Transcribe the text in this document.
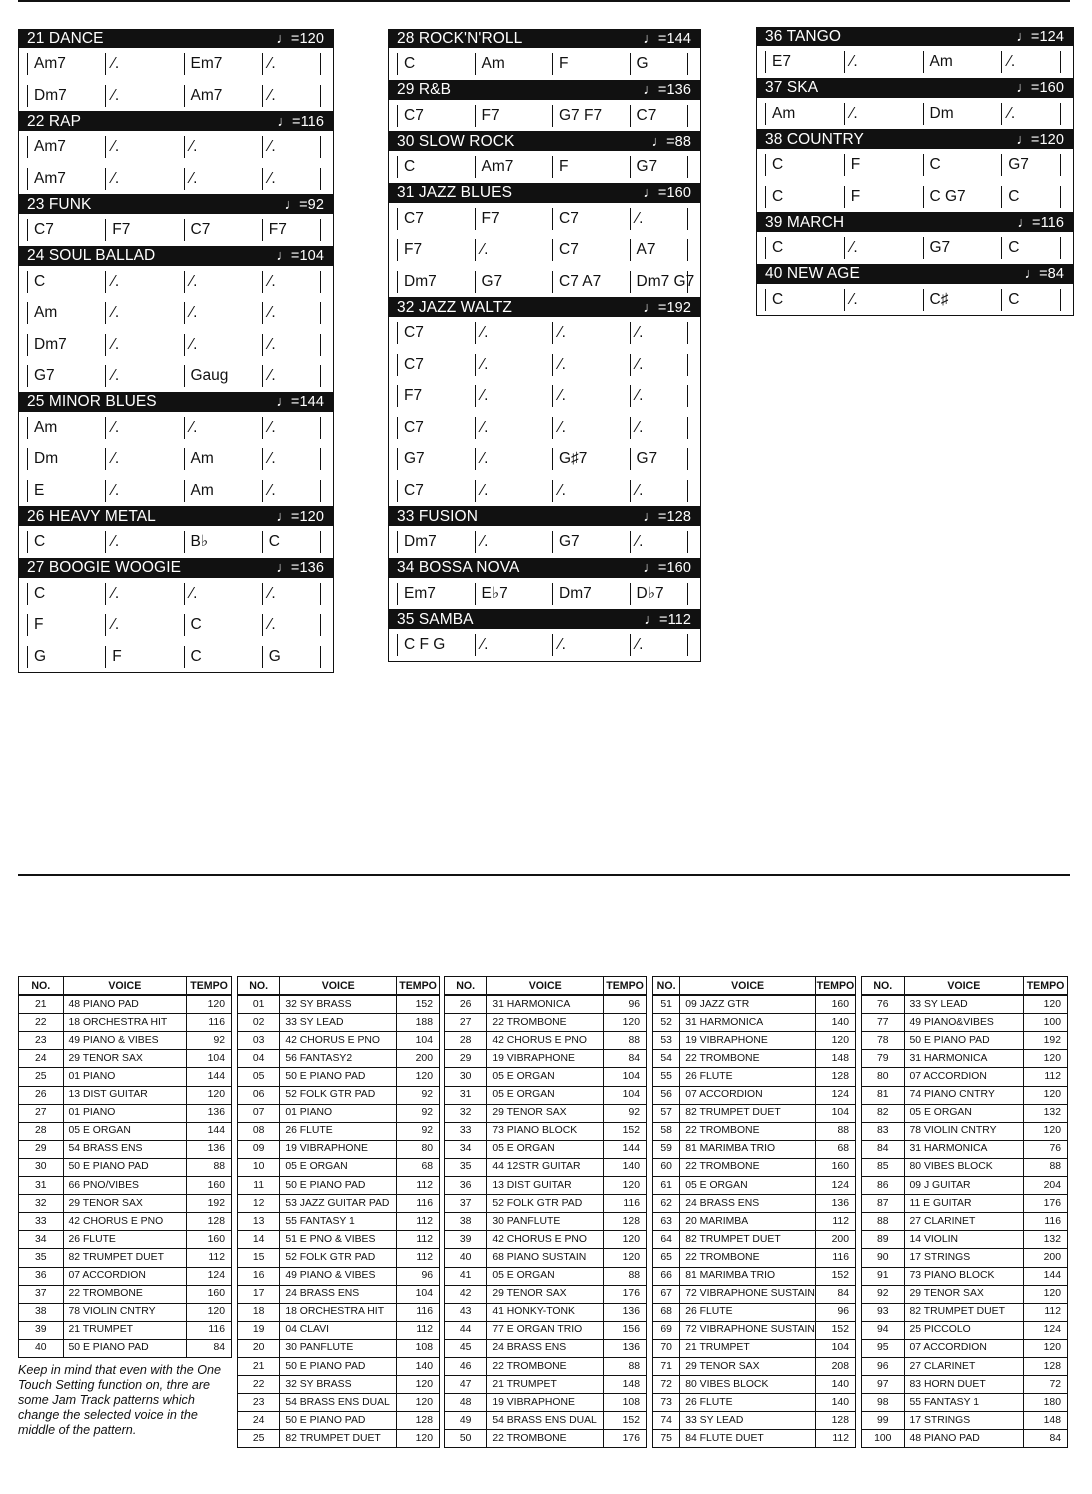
21 DANCE	♩=120
Am7	⁄.	Em7	⁄.
Dm7	⁄.	Am7	⁄.
22 RAP	♩=116
Am7	⁄.	⁄.	⁄.
Am7	⁄.	⁄.	⁄.
23 FUNK	♩=92
C7	F7	C7	F7
24 SOUL BALLAD	♩=104
C	⁄.	⁄.	⁄.
Am	⁄.	⁄.	⁄.
Dm7	⁄.	⁄.	⁄.
G7	⁄.	Gaug	⁄.
25 MINOR BLUES	♩=144
Am	⁄.	⁄.	⁄.
Dm	⁄.	Am	⁄.
E	⁄.	Am	⁄.
26 HEAVY METAL	♩=120
C	⁄.	B♭	C
27 BOOGIE WOOGIE	♩=136
C	⁄.	⁄.	⁄.
F	⁄.	C	⁄.
G	F	C	G
28 ROCK'N'ROLL	♩=144
C	Am	F	G
29 R&B	♩=136
C7	F7	G7 F7	C7
30 SLOW ROCK	♩=88
C	Am7	F	G7
31 JAZZ BLUES	♩=160
C7	F7	C7	⁄.
F7	⁄.	C7	A7
Dm7	G7	C7 A7	Dm7 G7
32 JAZZ WALTZ	♩=192
C7	⁄.	⁄.	⁄.
C7	⁄.	⁄.	⁄.
F7	⁄.	⁄.	⁄.
C7	⁄.	⁄.	⁄.
G7	⁄.	G♯7	G7
C7	⁄.	⁄.	⁄.
33 FUSION	♩=128
Dm7	⁄.	G7	⁄.
34 BOSSA NOVA	♩=160
Em7	E♭7	Dm7	D♭7
35 SAMBA	♩=112
C F G	⁄.	⁄.	⁄.
36 TANGO	♩=124
E7	⁄.	Am	⁄.
37 SKA	♩=160
Am	⁄.	Dm	⁄.
38 COUNTRY	♩=120
C	F	C	G7
C	F	C G7	C
39 MARCH	♩=116
C	⁄.	G7	C
40 NEW AGE	♩=84
C	⁄.	C♯	C
NO.	VOICE	TEMPO
21	48 PIANO PAD	120
22	18 ORCHESTRA HIT	116
23	49 PIANO & VIBES	92
24	29 TENOR SAX	104
25	01 PIANO	144
26	13 DIST GUITAR	120
27	01 PIANO	136
28	05 E ORGAN	144
29	54 BRASS ENS	136
30	50 E PIANO PAD	88
31	66 PNO/VIBES	160
32	29 TENOR SAX	192
33	42 CHORUS E PNO	128
34	26 FLUTE	160
35	82 TRUMPET DUET	112
36	07 ACCORDION	124
37	22 TROMBONE	160
38	78 VIOLIN CNTRY	120
39	21 TRUMPET	116
40	50 E PIANO PAD	84
NO.	VOICE	TEMPO
01	32 SY BRASS	152
02	33 SY LEAD	188
03	42 CHORUS E PNO	104
04	56 FANTASY2	200
05	50 E PIANO PAD	120
06	52 FOLK GTR PAD	92
07	01 PIANO	92
08	26 FLUTE	92
09	19 VIBRAPHONE	80
10	05 E ORGAN	68
11	50 E PIANO PAD	112
12	53 JAZZ GUITAR PAD	116
13	55 FANTASY 1	112
14	51 E PNO & VIBES	112
15	52 FOLK GTR PAD	112
16	49 PIANO & VIBES	96
17	24 BRASS ENS	104
18	18 ORCHESTRA HIT	116
19	04 CLAVI	112
20	30 PANFLUTE	108
21	50 E PIANO PAD	140
22	32 SY BRASS	120
23	54 BRASS ENS DUAL	120
24	50 E PIANO PAD	128
25	82 TRUMPET DUET	120
NO.	VOICE	TEMPO
26	31 HARMONICA	96
27	22 TROMBONE	120
28	42 CHORUS E PNO	88
29	19 VIBRAPHONE	84
30	05 E ORGAN	104
31	05 E ORGAN	104
32	29 TENOR SAX	92
33	73 PIANO BLOCK	152
34	05 E ORGAN	144
35	44 12STR GUITAR	140
36	13 DIST GUITAR	120
37	52 FOLK GTR PAD	116
38	30 PANFLUTE	128
39	42 CHORUS E PNO	120
40	68 PIANO SUSTAIN	120
41	05 E ORGAN	88
42	29 TENOR SAX	176
43	41 HONKY-TONK	136
44	77 E ORGAN TRIO	156
45	24 BRASS ENS	136
46	22 TROMBONE	88
47	21 TRUMPET	148
48	19 VIBRAPHONE	108
49	54 BRASS ENS DUAL	152
50	22 TROMBONE	176
NO.	VOICE	TEMPO
51	09 JAZZ GTR	160
52	31 HARMONICA	140
53	19 VIBRAPHONE	120
54	22 TROMBONE	148
55	26 FLUTE	128
56	07 ACCORDION	124
57	82 TRUMPET DUET	104
58	22 TROMBONE	88
59	81 MARIMBA TRIO	68
60	22 TROMBONE	160
61	05 E ORGAN	124
62	24 BRASS ENS	136
63	20 MARIMBA	112
64	82 TRUMPET DUET	200
65	22 TROMBONE	116
66	81 MARIMBA TRIO	152
67	72 VIBRAPHONE SUSTAIN	84
68	26 FLUTE	96
69	72 VIBRAPHONE SUSTAIN	152
70	21 TRUMPET	104
71	29 TENOR SAX	208
72	80 VIBES BLOCK	140
73	26 FLUTE	140
74	33 SY LEAD	128
75	84 FLUTE DUET	112
NO.	VOICE	TEMPO
76	33 SY LEAD	120
77	49 PIANO&VIBES	100
78	50 E PIANO PAD	192
79	31 HARMONICA	120
80	07 ACCORDION	112
81	74 PIANO CNTRY	120
82	05 E ORGAN	132
83	78 VIOLIN CNTRY	120
84	31 HARMONICA	76
85	80 VIBES BLOCK	88
86	09 J GUITAR	204
87	11 E GUITAR	176
88	27 CLARINET	116
89	14 VIOLIN	132
90	17 STRINGS	200
91	73 PIANO BLOCK	144
92	29 TENOR SAX	120
93	82 TRUMPET DUET	112
94	25 PICCOLO	124
95	07 ACCORDION	120
96	27 CLARINET	128
97	83 HORN DUET	72
98	55 FANTASY 1	180
99	17 STRINGS	148
100	48 PIANO PAD	84
Keep in mind that even with the One Touch Setting function on, thre are some Jam Track patterns which change the selected voice in the middle of the pattern.
